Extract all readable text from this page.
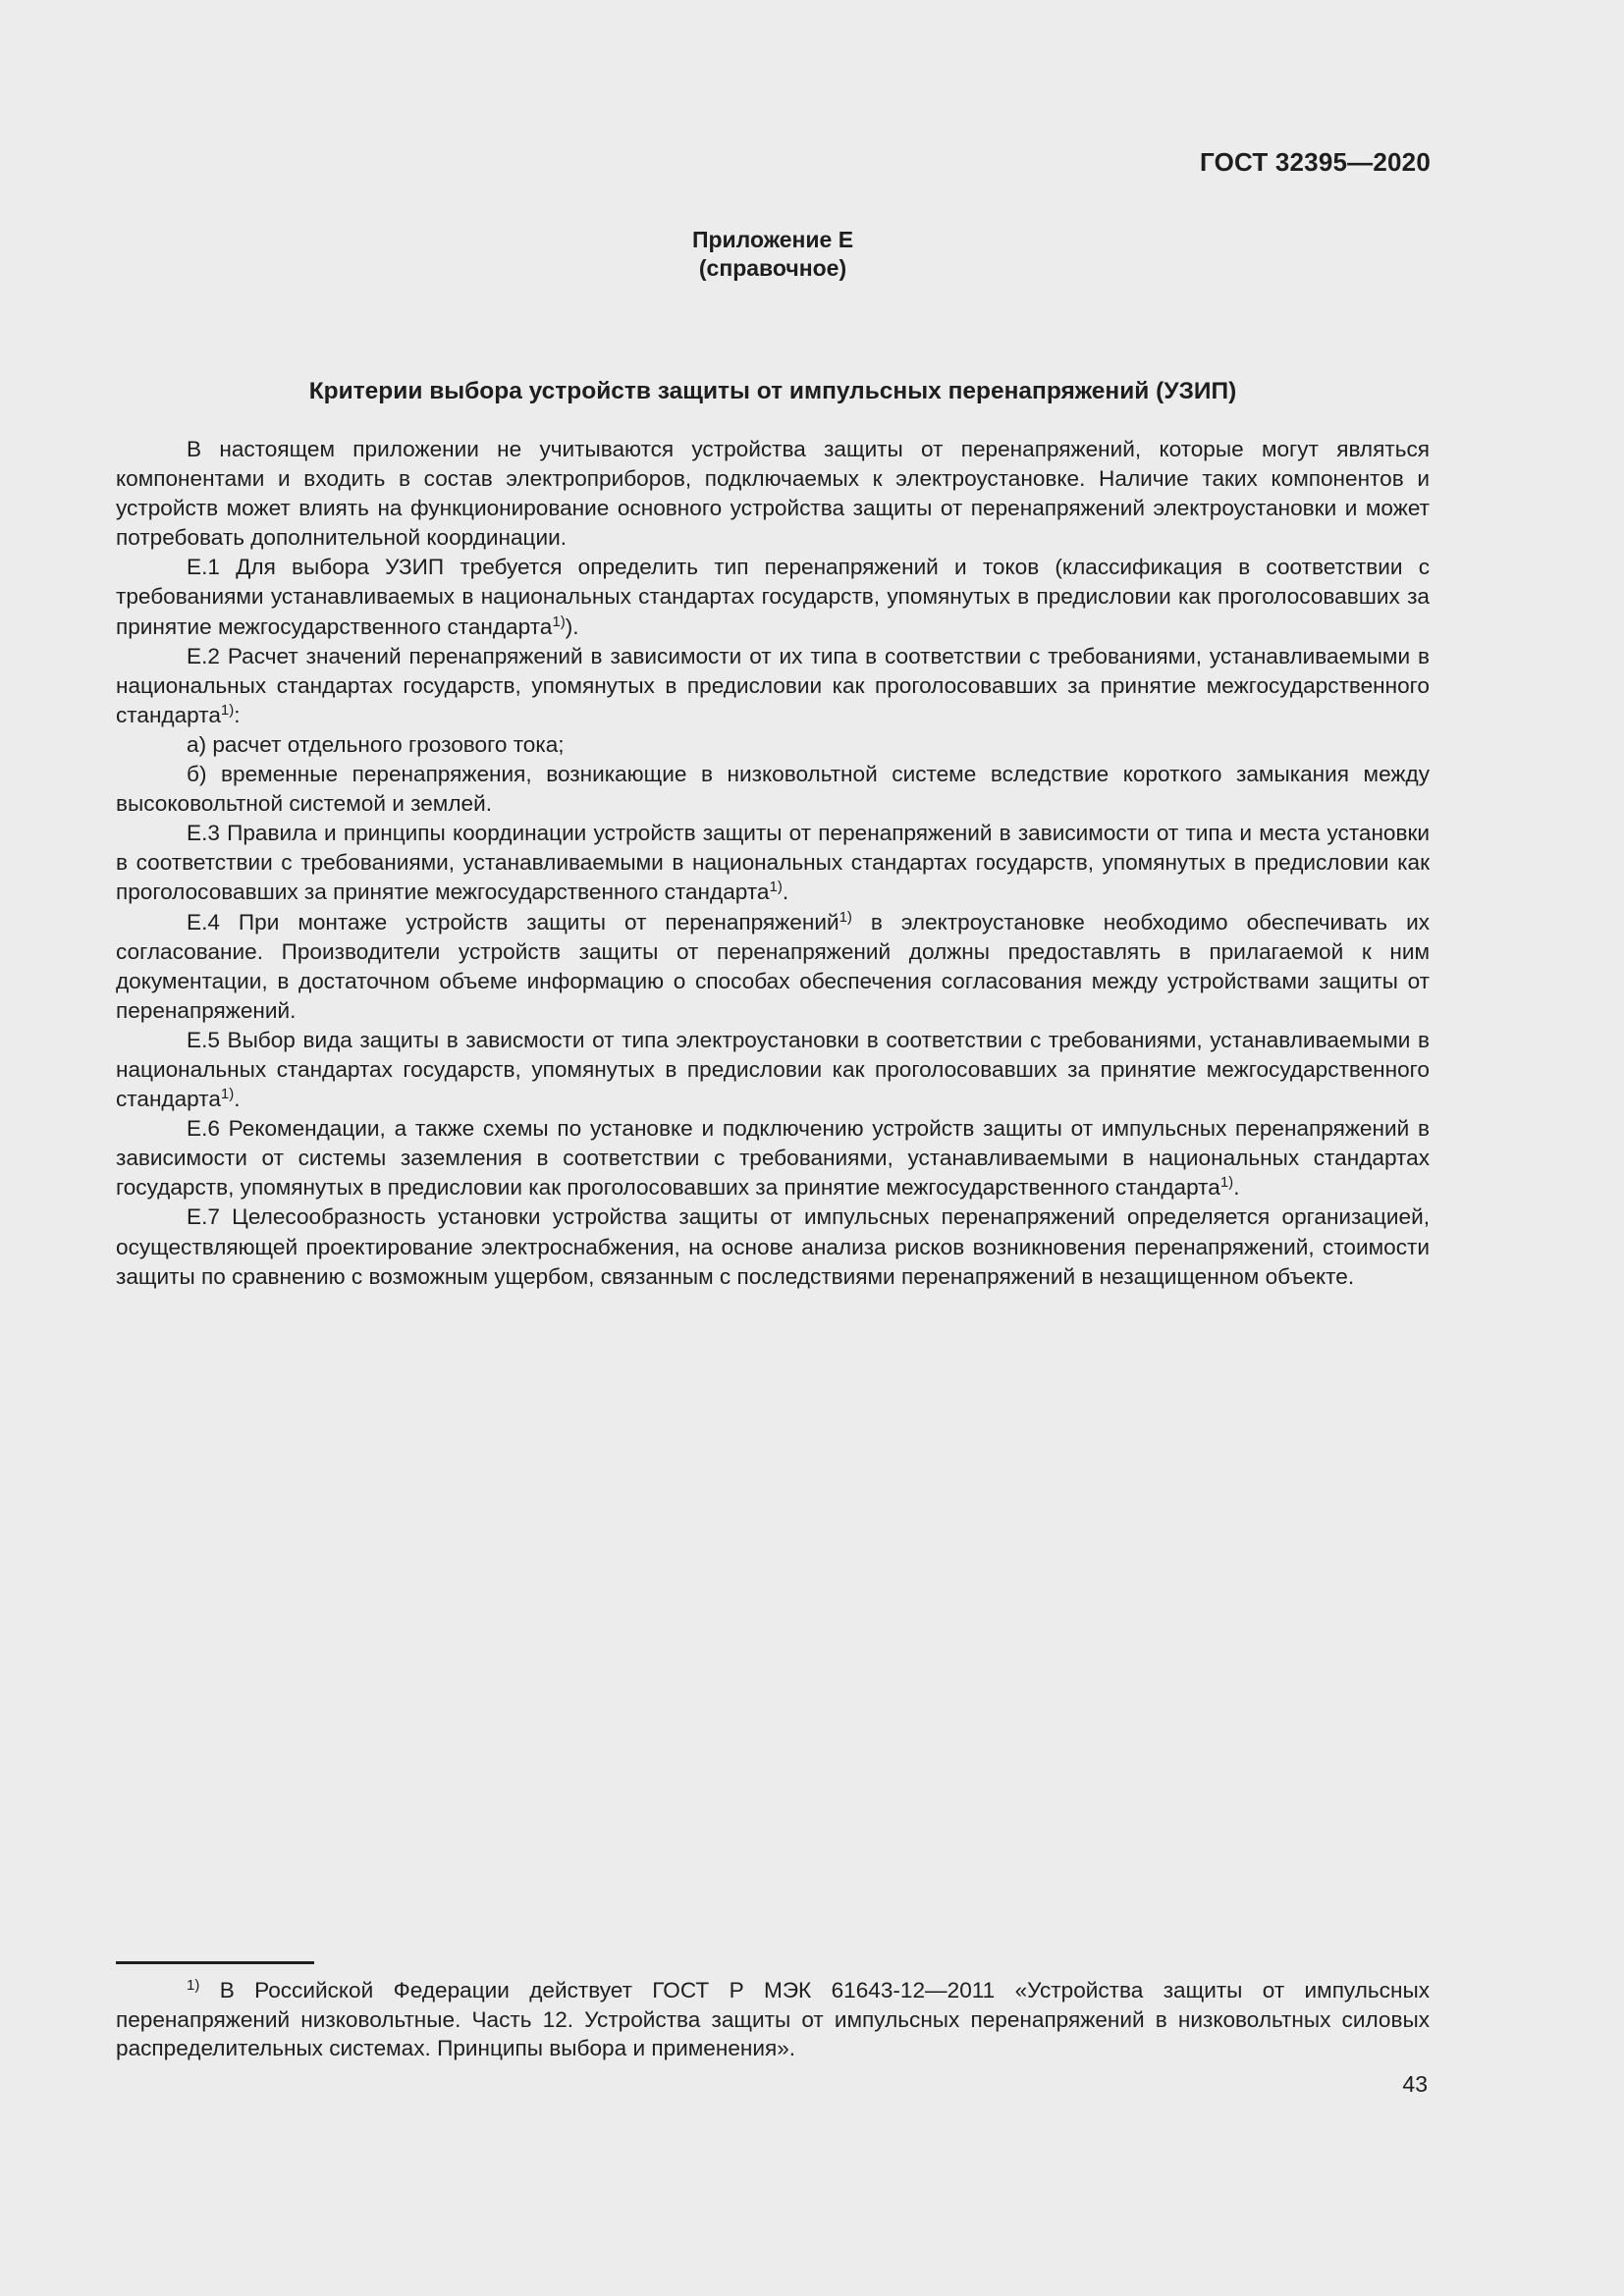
ГОСТ 32395—2020
Приложение Е
(справочное)
Критерии выбора устройств защиты от импульсных перенапряжений (УЗИП)

В настоящем приложении не учитываются устройства защиты от перенапряжений, которые могут являться компонентами и входить в состав электроприборов, подключаемых к электроустановке. Наличие таких компонентов и устройств может влиять на функционирование основного устройства защиты от перенапряжений электроустановки и может потребовать дополнительной координации.

Е.1 Для выбора УЗИП требуется определить тип перенапряжений и токов (классификация в соответствии с требованиями устанавливаемых в национальных стандартах государств, упомянутых в предисловии как проголосовавших за принятие межгосударственного стандарта$^{1)}$).

Е.2 Расчет значений перенапряжений в зависимости от их типа в соответствии с требованиями, устанавливаемыми в национальных стандартах государств, упомянутых в предисловии как проголосовавших за принятие межгосударственного стандарта$^{1)}$:

а) расчет отдельного грозового тока;

б) временные перенапряжения, возникающие в низковольтной системе вследствие короткого замыкания между высоковольтной системой и землей.

Е.3 Правила и принципы координации устройств защиты от перенапряжений в зависимости от типа и места установки в соответствии с требованиями, устанавливаемыми в национальных стандартах государств, упомянутых в предисловии как проголосовавших за принятие межгосударственного стандарта$^{1)}$.

Е.4 При монтаже устройств защиты от перенапряжений$^{1)}$ в электроустановке необходимо обеспечивать их согласование. Производители устройств защиты от перенапряжений должны предоставлять в прилагаемой к ним документации, в достаточном объеме информацию о способах обеспечения согласования между устройствами защиты от перенапряжений.

Е.5 Выбор вида защиты в зависмости от типа электроустановки в соответствии с требованиями, устанавливаемыми в национальных стандартах государств, упомянутых в предисловии как проголосовавших за принятие межгосударственного стандарта$^{1)}$.

Е.6 Рекомендации, а также схемы по установке и подключению устройств защиты от импульсных перенапряжений в зависимости от системы заземления в соответствии с требованиями, устанавливаемыми в национальных стандартах государств, упомянутых в предисловии как проголосовавших за принятие межгосударственного стандарта$^{1)}$.

Е.7 Целесообразность установки устройства защиты от импульсных перенапряжений определяется организацией, осуществляющей проектирование электроснабжения, на основе анализа рисков возникновения перенапряжений, стоимости защиты по сравнению с возможным ущербом, связанным с последствиями перенапряжений в незащищенном объекте.

$^{1)}$ В Российской Федерации действует ГОСТ Р МЭК 61643-12—2011 «Устройства защиты от импульсных перенапряжений низковольтные. Часть 12. Устройства защиты от импульсных перенапряжений в низковольтных силовых распределительных системах. Принципы выбора и применения».

43
